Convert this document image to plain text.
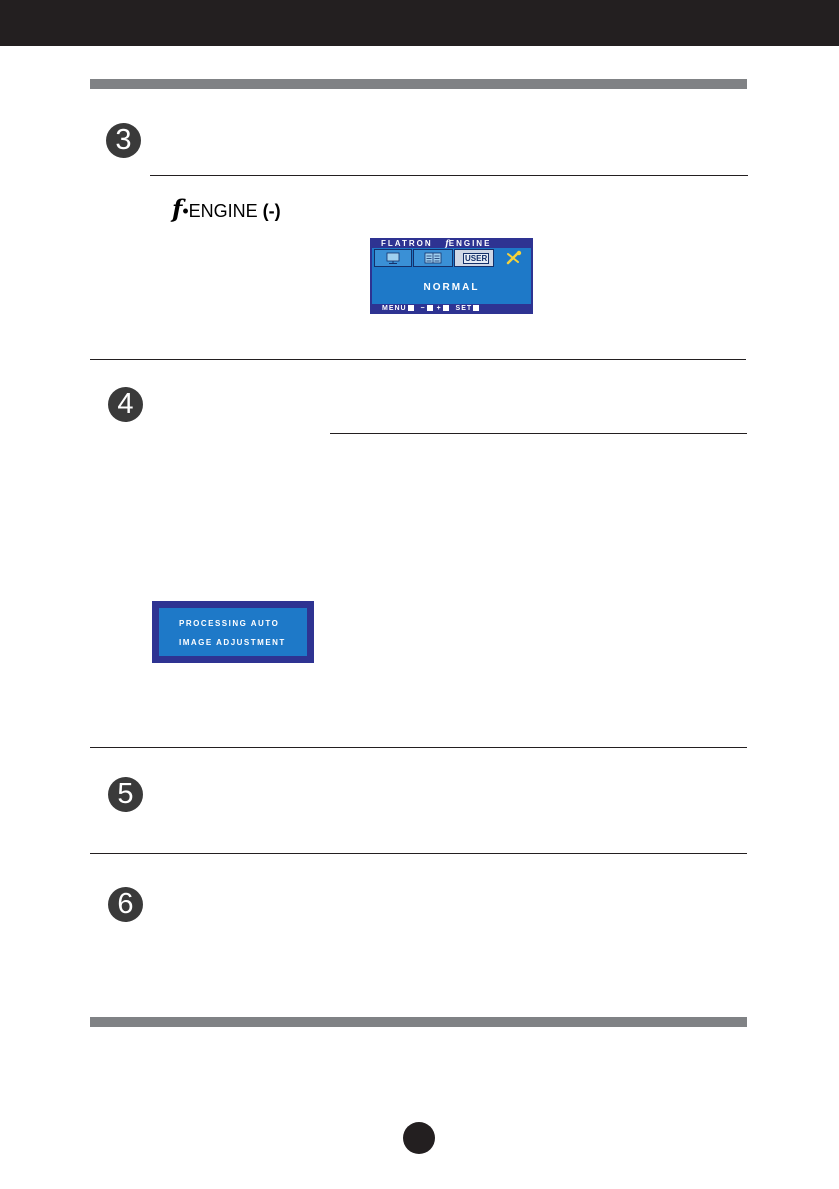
3
f•ENGINE (-)
FLATRON fENGINE
USER
NORMAL
MENU − + SET
4
PROCESSING AUTO
IMAGE ADJUSTMENT
5
6
